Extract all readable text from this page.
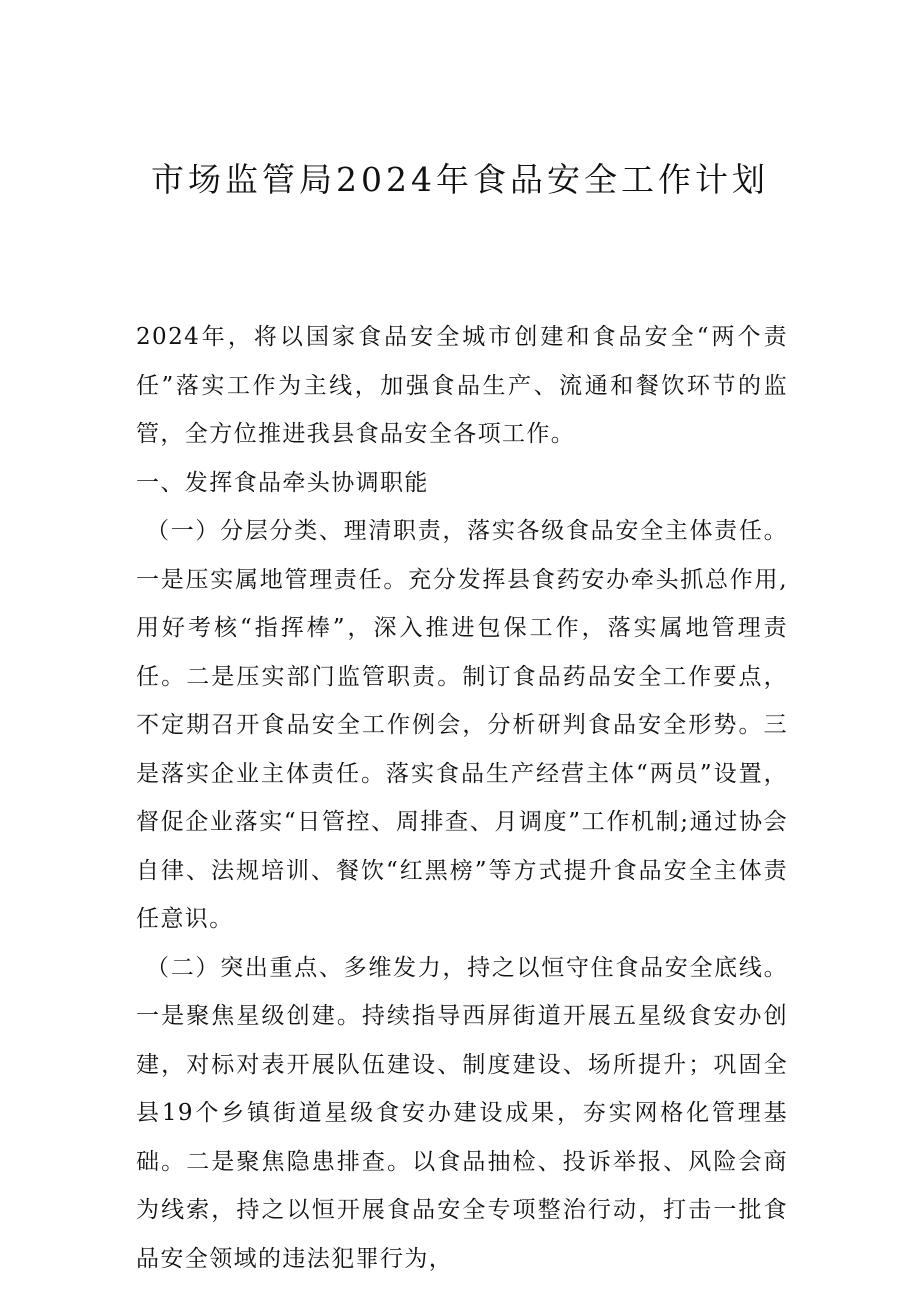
市场监管局2024年食品安全工作计划

2024年，将以国家食品安全城市创建和食品安全“两个责任”落实工作为主线，加强食品生产、流通和餐饮环节的监管，全方位推进我县食品安全各项工作。

一、发挥食品牵头协调职能

（一）分层分类、理清职责，落实各级食品安全主体责任。一是压实属地管理责任。充分发挥县食药安办牵头抓总作用,用好考核“指挥棒”，深入推进包保工作，落实属地管理责任。二是压实部门监管职责。制订食品药品安全工作要点，不定期召开食品安全工作例会，分析研判食品安全形势。三是落实企业主体责任。落实食品生产经营主体“两员”设置，督促企业落实“日管控、周排查、月调度”工作机制;通过协会自律、法规培训、餐饮“红黑榜”等方式提升食品安全主体责任意识。

（二）突出重点、多维发力，持之以恒守住食品安全底线。一是聚焦星级创建。持续指导西屏街道开展五星级食安办创建，对标对表开展队伍建设、制度建设、场所提升；巩固全县19个乡镇街道星级食安办建设成果，夯实网格化管理基础。二是聚焦隐患排查。以食品抽检、投诉举报、风险会商为线索，持之以恒开展食品安全专项整治行动，打击一批食品安全领域的违法犯罪行为，
